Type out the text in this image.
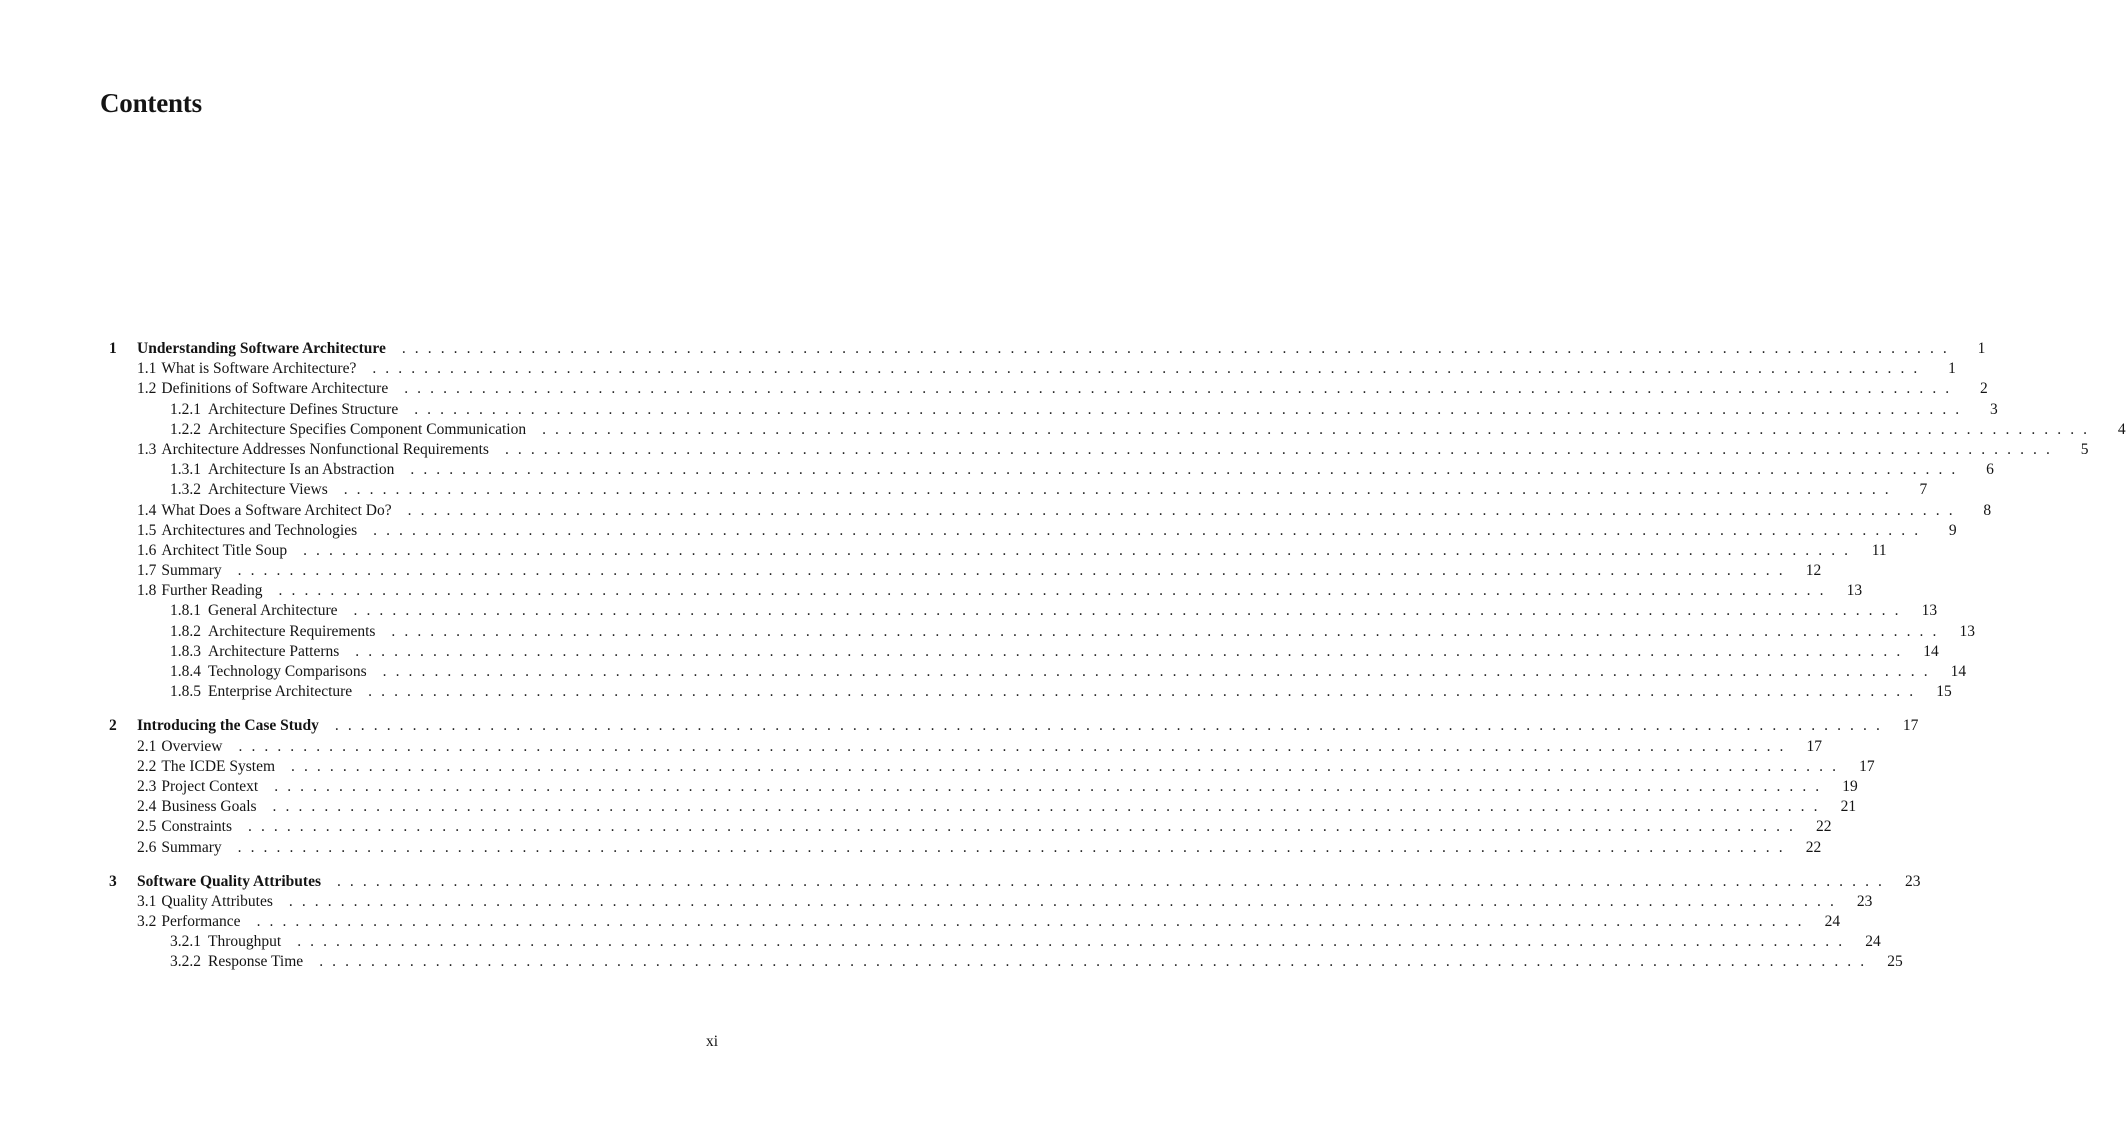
Contents
1	Understanding Software Architecture . . . . . . . . . . . . . . . . . . . . . . . . . . . . . . . . . . . . . . . . . . . . . . . . . . . . . . . . . . . . . . . . . . . . . . . . . . . . . . . . . . . . . . . . . . . . . . . . . . . . . . . . . . . . . . . . . . . . . . . .	1
1.1 What is Software Architecture? . . . . . . . . . . . . . . . . . . . . . . . . . . . . . . . . . . . . . . . . . . . . . . . . . . . . . . . . . . . . . . . . . . . . . . . . . . . . . . . . . . . . . . . . . . . . . . . . . . . . . . . . . . . . . . . . . . . . . . . .	1
1.2 Definitions of Software Architecture . . . . . . . . . . . . . . . . . . . . . . . . . . . . . . . . . . . . . . . . . . . . . . . . . . . . . . . . . . . . . . . . . . . . . . . . . . . . . . . . . . . . . . . . . . . . . . . . . . . . . . . . . . . . . . . . . . . . . . . .	2
1.2.1 Architecture Defines Structure . . . . . . . . . . . . . . . . . . . . . . . . . . . . . . . . . . . . . . . . . . . . . . . . . . . . . . . . . . . . . . . . . . . . . . . . . . . . . . . . . . . . . . . . . . . . . . . . . . . . . . . . . . . . . . . . . . . . . . . .	3
1.2.2 Architecture Specifies Component Communication . . . . . . . . . . . . . . . . . . . . . . . . . . . . . . . . . . . . . . . . . . . . . . . . . . . . . . . . . . . . . . . . . . . . . . . . . . . . . . . . . . . . . . . . . . . . . . . . . . . . . . . . . . . . . . . . . . . . . . . .	4
1.3 Architecture Addresses Nonfunctional Requirements . . . . . . . . . . . . . . . . . . . . . . . . . . . . . . . . . . . . . . . . . . . . . . . . . . . . . . . . . . . . . . . . . . . . . . . . . . . . . . . . . . . . . . . . . . . . . . . . . . . . . . . . . . . . . . . . . . . . . . . .	5
1.3.1 Architecture Is an Abstraction . . . . . . . . . . . . . . . . . . . . . . . . . . . . . . . . . . . . . . . . . . . . . . . . . . . . . . . . . . . . . . . . . . . . . . . . . . . . . . . . . . . . . . . . . . . . . . . . . . . . . . . . . . . . . . . . . . . . . . . .	6
1.3.2 Architecture Views . . . . . . . . . . . . . . . . . . . . . . . . . . . . . . . . . . . . . . . . . . . . . . . . . . . . . . . . . . . . . . . . . . . . . . . . . . . . . . . . . . . . . . . . . . . . . . . . . . . . . . . . . . . . . . . . . . . . . . . .	7
1.4 What Does a Software Architect Do? . . . . . . . . . . . . . . . . . . . . . . . . . . . . . . . . . . . . . . . . . . . . . . . . . . . . . . . . . . . . . . . . . . . . . . . . . . . . . . . . . . . . . . . . . . . . . . . . . . . . . . . . . . . . . . . . . . . . . . . .	8
1.5 Architectures and Technologies . . . . . . . . . . . . . . . . . . . . . . . . . . . . . . . . . . . . . . . . . . . . . . . . . . . . . . . . . . . . . . . . . . . . . . . . . . . . . . . . . . . . . . . . . . . . . . . . . . . . . . . . . . . . . . . . . . . . . . . .	9
1.6 Architect Title Soup . . . . . . . . . . . . . . . . . . . . . . . . . . . . . . . . . . . . . . . . . . . . . . . . . . . . . . . . . . . . . . . . . . . . . . . . . . . . . . . . . . . . . . . . . . . . . . . . . . . . . . . . . . . . . . . . . . . . . . . .	11
1.7 Summary . . . . . . . . . . . . . . . . . . . . . . . . . . . . . . . . . . . . . . . . . . . . . . . . . . . . . . . . . . . . . . . . . . . . . . . . . . . . . . . . . . . . . . . . . . . . . . . . . . . . . . . . . . . . . . . . . . . . . . . .	12
1.8 Further Reading . . . . . . . . . . . . . . . . . . . . . . . . . . . . . . . . . . . . . . . . . . . . . . . . . . . . . . . . . . . . . . . . . . . . . . . . . . . . . . . . . . . . . . . . . . . . . . . . . . . . . . . . . . . . . . . . . . . . . . . .	13
1.8.1 General Architecture . . . . . . . . . . . . . . . . . . . . . . . . . . . . . . . . . . . . . . . . . . . . . . . . . . . . . . . . . . . . . . . . . . . . . . . . . . . . . . . . . . . . . . . . . . . . . . . . . . . . . . . . . . . . . . . . . . . . . . . .	13
1.8.2 Architecture Requirements . . . . . . . . . . . . . . . . . . . . . . . . . . . . . . . . . . . . . . . . . . . . . . . . . . . . . . . . . . . . . . . . . . . . . . . . . . . . . . . . . . . . . . . . . . . . . . . . . . . . . . . . . . . . . . . . . . . . . . . .	13
1.8.3 Architecture Patterns . . . . . . . . . . . . . . . . . . . . . . . . . . . . . . . . . . . . . . . . . . . . . . . . . . . . . . . . . . . . . . . . . . . . . . . . . . . . . . . . . . . . . . . . . . . . . . . . . . . . . . . . . . . . . . . . . . . . . . . .	14
1.8.4 Technology Comparisons . . . . . . . . . . . . . . . . . . . . . . . . . . . . . . . . . . . . . . . . . . . . . . . . . . . . . . . . . . . . . . . . . . . . . . . . . . . . . . . . . . . . . . . . . . . . . . . . . . . . . . . . . . . . . . . . . . . . . . . .	14
1.8.5 Enterprise Architecture . . . . . . . . . . . . . . . . . . . . . . . . . . . . . . . . . . . . . . . . . . . . . . . . . . . . . . . . . . . . . . . . . . . . . . . . . . . . . . . . . . . . . . . . . . . . . . . . . . . . . . . . . . . . . . . . . . . . . . . .	15
2	Introducing the Case Study . . . . . . . . . . . . . . . . . . . . . . . . . . . . . . . . . . . . . . . . . . . . . . . . . . . . . . . . . . . . . . . . . . . . . . . . . . . . . . . . . . . . . . . . . . . . . . . . . . . . . . . . . . . . . . . . . . . . . . . .	17
2.1 Overview . . . . . . . . . . . . . . . . . . . . . . . . . . . . . . . . . . . . . . . . . . . . . . . . . . . . . . . . . . . . . . . . . . . . . . . . . . . . . . . . . . . . . . . . . . . . . . . . . . . . . . . . . . . . . . . . . . . . . . . .	17
2.2 The ICDE System . . . . . . . . . . . . . . . . . . . . . . . . . . . . . . . . . . . . . . . . . . . . . . . . . . . . . . . . . . . . . . . . . . . . . . . . . . . . . . . . . . . . . . . . . . . . . . . . . . . . . . . . . . . . . . . . . . . . . . . .	17
2.3 Project Context . . . . . . . . . . . . . . . . . . . . . . . . . . . . . . . . . . . . . . . . . . . . . . . . . . . . . . . . . . . . . . . . . . . . . . . . . . . . . . . . . . . . . . . . . . . . . . . . . . . . . . . . . . . . . . . . . . . . . . . .	19
2.4 Business Goals . . . . . . . . . . . . . . . . . . . . . . . . . . . . . . . . . . . . . . . . . . . . . . . . . . . . . . . . . . . . . . . . . . . . . . . . . . . . . . . . . . . . . . . . . . . . . . . . . . . . . . . . . . . . . . . . . . . . . . . .	21
2.5 Constraints . . . . . . . . . . . . . . . . . . . . . . . . . . . . . . . . . . . . . . . . . . . . . . . . . . . . . . . . . . . . . . . . . . . . . . . . . . . . . . . . . . . . . . . . . . . . . . . . . . . . . . . . . . . . . . . . . . . . . . . .	22
2.6 Summary . . . . . . . . . . . . . . . . . . . . . . . . . . . . . . . . . . . . . . . . . . . . . . . . . . . . . . . . . . . . . . . . . . . . . . . . . . . . . . . . . . . . . . . . . . . . . . . . . . . . . . . . . . . . . . . . . . . . . . . .	22
3	Software Quality Attributes . . . . . . . . . . . . . . . . . . . . . . . . . . . . . . . . . . . . . . . . . . . . . . . . . . . . . . . . . . . . . . . . . . . . . . . . . . . . . . . . . . . . . . . . . . . . . . . . . . . . . . . . . . . . . . . . . . . . . . . .	23
3.1 Quality Attributes . . . . . . . . . . . . . . . . . . . . . . . . . . . . . . . . . . . . . . . . . . . . . . . . . . . . . . . . . . . . . . . . . . . . . . . . . . . . . . . . . . . . . . . . . . . . . . . . . . . . . . . . . . . . . . . . . . . . . . . .	23
3.2 Performance . . . . . . . . . . . . . . . . . . . . . . . . . . . . . . . . . . . . . . . . . . . . . . . . . . . . . . . . . . . . . . . . . . . . . . . . . . . . . . . . . . . . . . . . . . . . . . . . . . . . . . . . . . . . . . . . . . . . . . . .	24
3.2.1 Throughput . . . . . . . . . . . . . . . . . . . . . . . . . . . . . . . . . . . . . . . . . . . . . . . . . . . . . . . . . . . . . . . . . . . . . . . . . . . . . . . . . . . . . . . . . . . . . . . . . . . . . . . . . . . . . . . . . . . . . . . .	24
3.2.2 Response Time . . . . . . . . . . . . . . . . . . . . . . . . . . . . . . . . . . . . . . . . . . . . . . . . . . . . . . . . . . . . . . . . . . . . . . . . . . . . . . . . . . . . . . . . . . . . . . . . . . . . . . . . . . . . . . . . . . . . . . . .	25
xi
